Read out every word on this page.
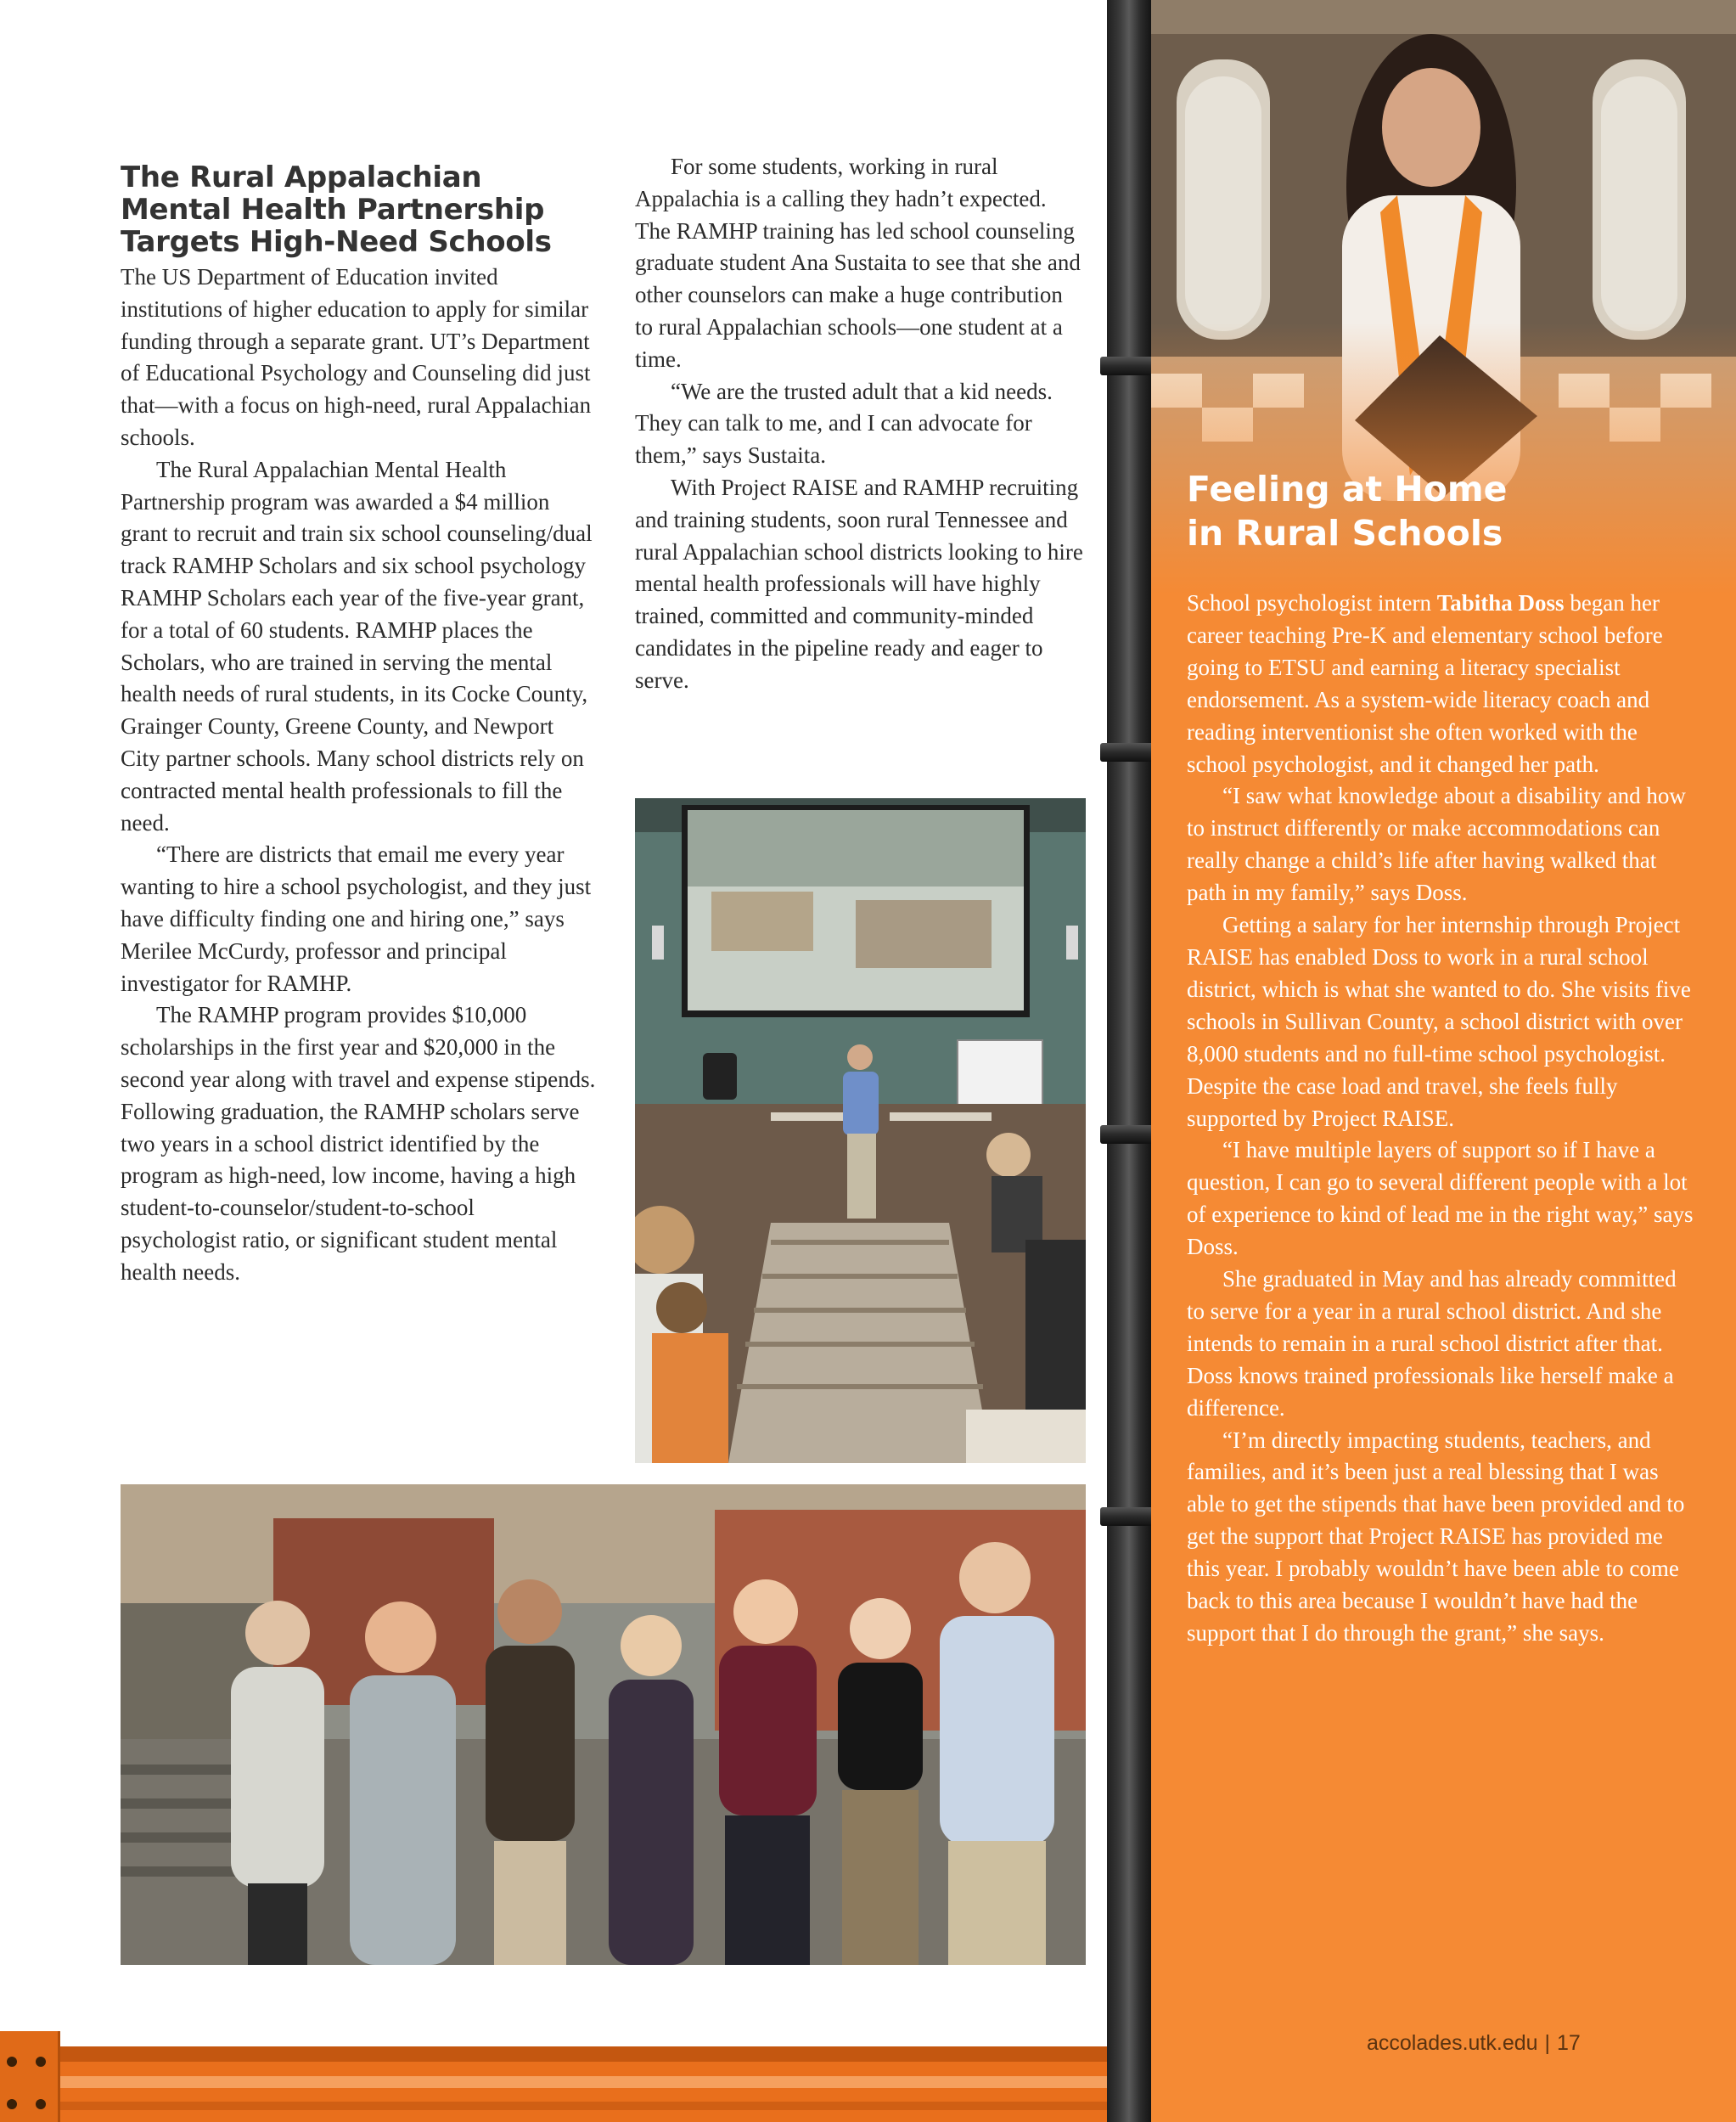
The Rural Appalachian Mental Health Partnership Targets High-Need Schools

The US Department of Education invited institutions of higher education to apply for similar funding through a separate grant. UT’s Department of Educational Psychology and Counseling did just that—with a focus on high-need, rural Appalachian schools.

The Rural Appalachian Mental Health Partnership program was awarded a $4 million grant to recruit and train six school counseling/dual track RAMHP Scholars and six school psychology RAMHP Scholars each year of the five-year grant, for a total of 60 students. RAMHP places the Scholars, who are trained in serving the mental health needs of rural students, in its Cocke County, Grainger County, Greene County, and Newport City partner schools. Many school districts rely on contracted mental health professionals to fill the need.

“There are districts that email me every year wanting to hire a school psychologist, and they just have difficulty finding one and hiring one,” says Merilee McCurdy, professor and principal investigator for RAMHP.

The RAMHP program provides $10,000 scholarships in the first year and $20,000 in the second year along with travel and expense stipends. Following graduation, the RAMHP scholars serve two years in a school district identified by the program as high-need, low income, having a high student-to-counselor/student-to-school psychologist ratio, or significant student mental health needs.

For some students, working in rural Appalachia is a calling they hadn’t expected. The RAMHP training has led school counseling graduate student Ana Sustaita to see that she and other counselors can make a huge contribution to rural Appalachian schools—one student at a time.

“We are the trusted adult that a kid needs. They can talk to me, and I can advocate for them,” says Sustaita.

With Project RAISE and RAMHP recruiting and training students, soon rural Tennessee and rural Appalachian school districts looking to hire mental health professionals will have highly trained, committed and community-minded candidates in the pipeline ready and eager to serve.

Feeling at Home
in Rural Schools

School psychologist intern Tabitha Doss began her career teaching Pre-K and elementary school before going to ETSU and earning a literacy specialist endorsement. As a system-wide literacy coach and reading interventionist she often worked with the school psychologist, and it changed her path.

“I saw what knowledge about a disability and how to instruct differently or make accommodations can really change a child’s life after having walked that path in my family,” says Doss.

Getting a salary for her internship through Project RAISE has enabled Doss to work in a rural school district, which is what she wanted to do. She visits five schools in Sullivan County, a school district with over 8,000 students and no full-time school psychologist. Despite the case load and travel, she feels fully supported by Project RAISE.

“I have multiple layers of support so if I have a question, I can go to several different people with a lot of experience to kind of lead me in the right way,” says Doss.

She graduated in May and has already committed to serve for a year in a rural school district. And she intends to remain in a rural school district after that. Doss knows trained professionals like herself make a difference.

“I’m directly impacting students, teachers, and families, and it’s been just a real blessing that I was able to get the stipends that have been provided and to get the support that Project RAISE has provided me this year. I probably wouldn’t have been able to come back to this area because I wouldn’t have had the support that I do through the grant,” she says.

accolades.utk.edu | 17
